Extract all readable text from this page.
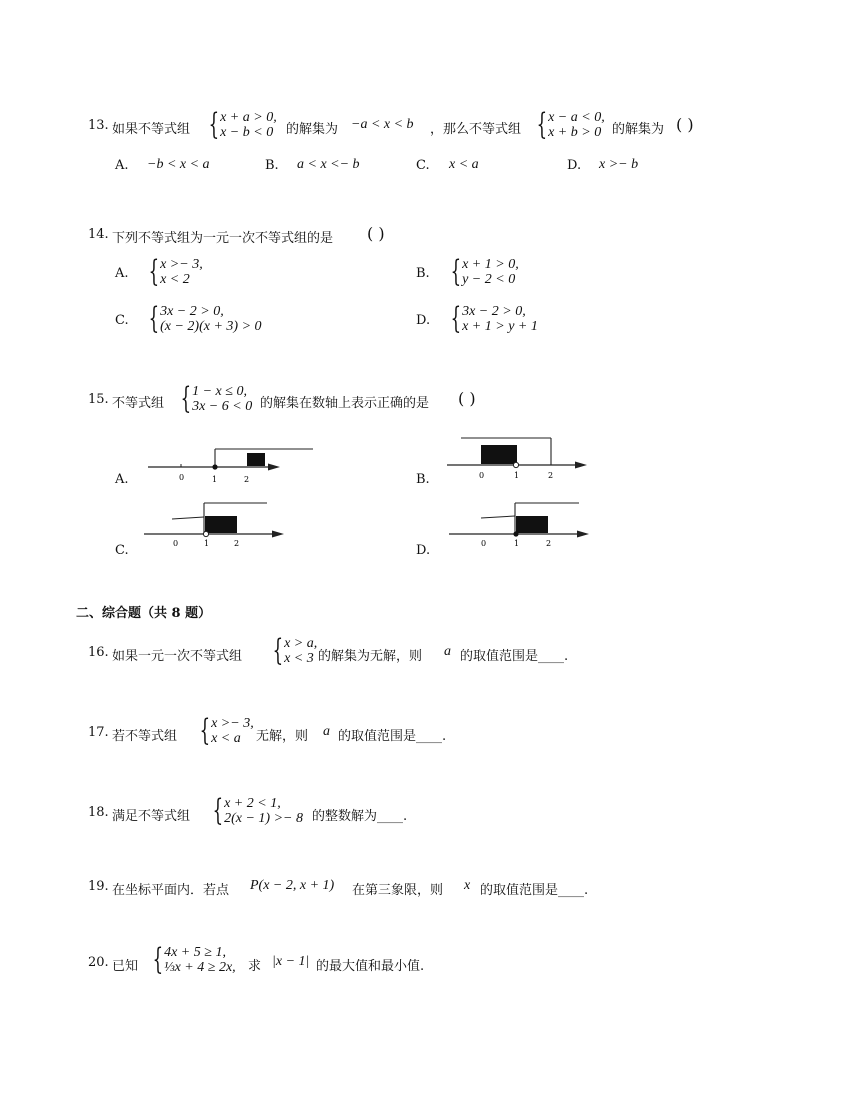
13. 如果不等式组 { x + a > 0,
x − b < 0 的解集为 −a < x < b ，那么不等式组 { x − a < 0,
x + b > 0 的解集为 ( )
A. −b < x < a	B. a < x <− b	C. x < a	D. x >− b
14. 下列不等式组为一元一次不等式组的是 ( )
A. { x >− 3,
x < 2	B. { x + 1 > 0,
y − 2 < 0
C. { 3x − 2 > 0,
(x − 2)(x + 3) > 0	D. { 3x − 2 > 0,
x + 1 > y + 1
15. 不等式组 { 1 − x ≤ 0,
3x − 6 < 0 的解集在数轴上表示正确的是 ( )
A.	0	1	2	B.	0	1	2
C.	0	1	2	D.	0	1	2
二、综合题（共 8 题）
16. 如果一元一次不等式组 { x > a,
x < 3 的解集为无解，则 a 的取值范围是____.
17. 若不等式组 { x >− 3,
x < a	无解，则 a 的取值范围是____.
18. 满足不等式组 { x + 2 < 1,
2(x − 1) >− 8 的整数解为____.
19. 在坐标平面内．若点 P(x − 2, x + 1) 在第三象限，则 x 的取值范围是____.
20. 已知 { 4x + 5 ≥ 1,
⅓x + 4 ≥ 2x, 求 |x − 1| 的最大值和最小值.
